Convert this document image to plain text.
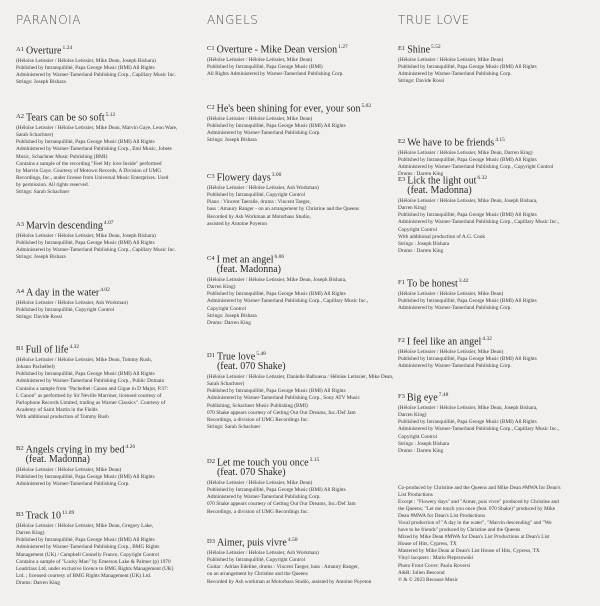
PARANOIA
A1 Overture$^{1.24}$
(Héloïse Letissier / Héloïse Letissier, Mike Dean, Joseph Bishara)
Published by Intranquillité, Papa George Music (BMI) All Rights
Administered by Warner-Tamerland Publishing Corp., Capillary Music Inc.
Strings: Joseph Bishara
A2 Tears can be so soft$^{5.12}$
(Héloïse Letissier / Héloïse Letissier, Mike Dean, Marvin Gaye, Leon Ware,
Sarah Schachner)
Published by Intranquillité, Papa George Music (BMI) All Rights
Administered by Warner-Tamerland Publishing Corp., Emi Music, Jobete
Music, Schachner Music Publishing (BMI)
Contains a sample of the recording "Feel My love Inside" performed
by Marvin Gaye. Courtesy of Motown Records, A Division of UMG
Recordings, Inc., under license from Universal Music Enterprises. Used
by permission. All rights reserved.
Strings: Sarah Schachner
A3 Marvin descending$^{4.07}$
(Héloïse Letissier / Héloïse Letissier, Mike Dean, Joseph Bishara)
Published by Intranquillité, Papa George Music (BMI) All Rights
Administered by Warner-Tamerland Publishing Corp., Capillary Music Inc.
Strings: Joseph Bishara
A4 A day in the water$^{4.02}$
(Héloïse Letissier / Héloïse Letissier, Ash Workman)
Published by Intranquillité, Copyright Control
Strings: Davide Rossi
B1 Full of life$^{4.32}$
(Héloïse Letissier / Héloïse Letissier, Mike Dean, Tommy Rush,
Johann Pachelbel)
Published by Intranquillité, Papa George Music (BMI) All Rights
Administered by Warner-Tamerland Publishing Corp., Public Domain
Contains a sample from "Pachelbel: Canon and Gigue in D Major, P.37:
I. Canon" as performed by Sir Neville Marriner, licensed courtesy of
Parlophone Records Limited, trading as Warner Classics". Courtesy of
Academy of Saint Martin in the Fields
With additional production of Tommy Rush
B2 Angels crying in my bed$^{4.26}$
(feat. Madonna)
(Héloïse Letissier / Héloïse Letissier, Mike Dean)
Published by Intranquillité, Papa George Music (BMI) All Rights
Administered by Warner-Tamerland Publishing Corp.
B3 Track $10^{11.09}$
(Héloïse Letissier / Héloïse Letissier, Mike Dean, Gregory Lake,
Darren King)
Published by Intranquillité, Papa George Music (BMI) All Rights
Administered by Warner-Tamerland Publishing Corp., BMG Rights
Management (UK) / Campbell Connelly France, Copyright Control
Contains a sample of "Lucky Man" by Emerson Lake & Palmer (p) 1970
Leadclass Ltd, under exclusive licence to BMG Rights Management (UK)
Ltd. ; licensed courtesy of BMG Rights Management (UK) Ltd.
Drums: Darren King
ANGELS
C1 Overture - Mike Dean version$^{1.27}$
(Héloïse Letissier / Héloïse Letissier, Mike Dean)
Published by Intranquillité, Papa George Music (BMI)
All Rights Administered by Warner-Tamerland Publishing Corp.
C2 He's been shining for ever, your son$^{5.02}$
(Héloïse Letissier / Héloïse Letissier, Mike Dean)
Published by Intranquillité, Papa George Music (BMI) All Rights
Administered by Warner-Tamerland Publishing Corp.
Strings: Joseph Bishara
C3 Flowery days$^{3.00}$
(Héloïse Letissier / Héloïse Letissier, Ash Workman)
Published by Intranquillité, Copyright Control
Piano : Vincent Taeralle, drums : Vincent Taeger,
bass : Amaury Ranger - on an arrangement by Christine and the Queens
Recorded by Ash Workman at Motorbass Studio,
assisted by Antoine Poyeton
C4 I met an angel$^{6.06}$
(feat. Madonna)
(Héloïse Letissier / Héloïse Letissier, Mike Dean, Joseph Bishara,
Darren King)
Published by Intranquillité, Papa George Music (BMI) All Rights
Administered by Warner-Tamerland Publishing Corp., Capillary Music Inc.,
Copyright Control
Strings: Joseph Bishara
Drums: Darren King
D1 True love$^{5.48}$
(feat. 070 Shake)
(Héloïse Letissier / Héloïse Letissier, Danielle Balbuena / Héloïse Letissier, Mike Dean,
Sarah Schachner)
Published by Intranquillité, Papa George Music (BMI) All Rights
Administered by Warner-Tamerland Publishing Corp., Sony ATV Music
Publishing, Schachner Music Publishing (BMI)
070 Shake appears courtesy of Getting Out Our Dreams, Inc./Def Jam
Recordings, a division of UMG Recordings Inc.
Strings: Sarah Schachner
D2 Let me touch you once$^{3.15}$
(feat. 070 Shake)
(Héloïse Letissier / Héloïse Letissier, Mike Dean)
Published by Intranquillité, Papa George Music (BMI) All Rights
Administered by Warner-Tamerland Publishing Corp.
070 Shake appears courtesy of Getting Out Our Dreams, Inc./Def Jam
Recordings, a division of UMG Recordings Inc.
D3 Aimer, puis vivre$^{4.50}$
(Héloïse Letissier / Héloïse Letissier, Ash Workman)
Published by Intranquillité, Copyright Control
Guitar : Adrian Edeline, drums : Vincent Taeger, bass : Amaury Ranger,
on an arrangement by Christine and the Queens
Recorded by Ash workman at Motorbass Studio, assisted by Antoine Poyeton
TRUE LOVE
E1 Shine$^{5.52}$
(Héloïse Letissier / Héloïse Letissier, Mike Dean)
Published by Intranquillité, Papa George Music (BMI) All Rights
Administered by Warner-Tamerland Publishing Corp.
Strings: Davide Rossi
E2 We have to be friends$^{4.15}$
(Héloïse Letissier / Héloïse Letissier, Mike Dean, Darren King)
Published by Intranquillité, Papa George Music (BMI) All Rights
Administered by Warner-Tamerland Publishing Corp., Copyright Control
Drums : Darren King
E3 Lick the light out$^{6.32}$
(feat. Madonna)
(Héloïse Letissier / Héloïse Letissier, Mike Dean, Joseph Bishara,
Darren King)
Published by Intranquillité, Papa George Music (BMI) All Rights
Administered by Warner-Tamerland Publishing Corp., Capillary Music Inc.,
Copyright Control
With additional production of A.G. Cook
Strings : Joseph Bishara
Drums : Darren King
F1 To be honest$^{3.42}$
(Héloïse Letissier / Héloïse Letissier, Mike Dean)
Published by Intranquillité, Papa George Music (BMI) All Rights
Administered by Warner-Tamerland Publishing Corp.
F2 I feel like an angel$^{4.32}$
(Héloïse Letissier / Héloïse Letissier, Mike Dean)
Published by Intranquillité, Papa George Music (BMI) All Rights
Administered by Warner-Tamerland Publishing Corp.
F3 Big eye$^{7.48}$
(Héloïse Letissier / Héloïse Letissier, Mike Dean, Joseph Bishara,
Darren King)
Published by Intranquillité, Papa George Music (BMI) All Rights
Administered by Warner-Tamerland Publishing Corp., Capillary Music Inc.,
Copyright Control
Strings : Joseph Bishara
Drums : Darren King
Co-produced by Christine and the Queens and Mike Dean #MWA for Dean's
List Productions
Except : "Flowery days" and "Aimer, puis vivre" produced by Christine and
the Queens; "Let me touch you once (feat. 070 Shake)" produced by Mike
Dean #MWA for Dean's List Productions
Vocal production of "A day in the water", "Marvin descending" and "We
have to be friends" produced by Christine and the Queens
Mixed by Mike Dean #MWA for Dean's List Productions at Dean's List
House of Hits, Cypress, TX
Mastered by Mike Dean at Dean's List House of Hits, Cypress, TX
Vinyl lacquers : Mario Pieprzowski
Photo Front Cover: Paolo Roversi
A&R: Julien Bescond
℗ & © 2023 Because Music
